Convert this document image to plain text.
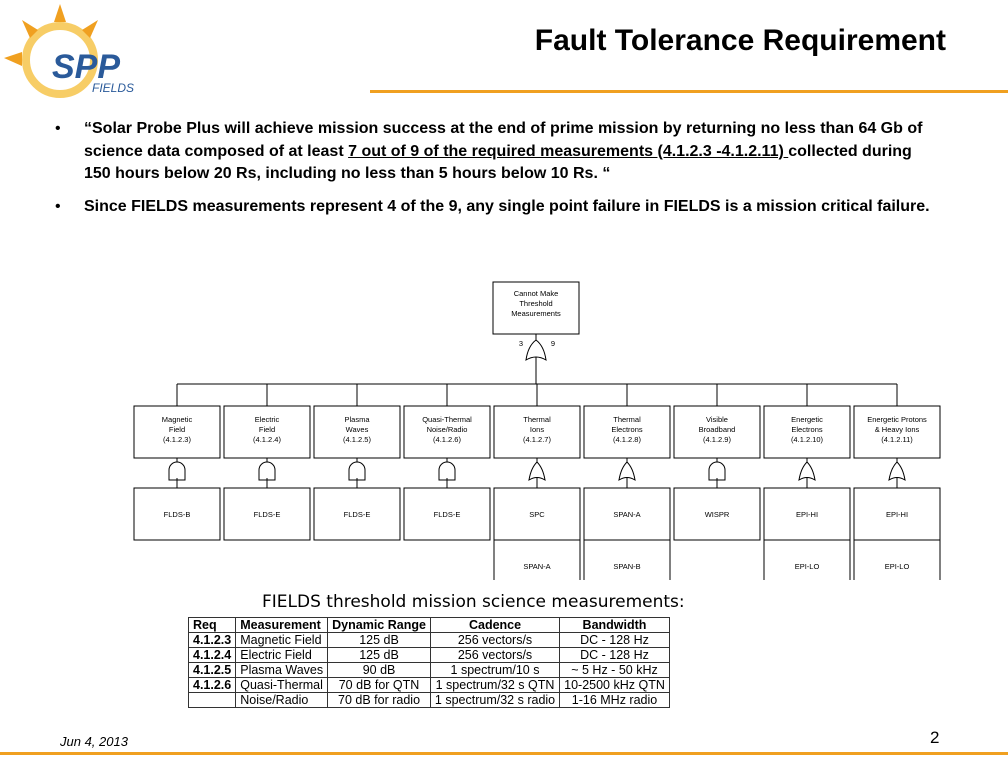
SPP
FIELDS
Fault Tolerance Requirement
• “Solar Probe Plus will achieve mission success at the end of prime mission by returning no less than 64 Gb of science data composed of at least 7 out of 9 of the required measurements (4.1.2.3 -4.1.2.11) collected during 150 hours below 20 Rs, including no less than 5 hours below 10 Rs. “
• Since FIELDS measurements represent 4 of the 9, any single point failure in FIELDS is a mission critical failure.
Cannot Make
Threshold
Measurements
3	9
Magnetic
Field
(4.1.2.3)
FLDS-B
Electric
Field
(4.1.2.4)
FLDS-E
Plasma
Waves
(4.1.2.5)
FLDS-E
Quasi-Thermal
Noise/Radio
(4.1.2.6)
FLDS-E
Thermal
Ions
(4.1.2.7)
SPC
SPAN-A
Thermal
Electrons
(4.1.2.8)
SPAN-A
SPAN-B
Visible
Broadband
(4.1.2.9)
WISPR
Energetic
Electrons
(4.1.2.10)
EPI-HI
EPI-LO
Energetic Protons
& Heavy Ions
(4.1.2.11)
EPI-HI
EPI-LO
FIELDS threshold mission science measurements:
Req	Measurement	Dynamic Range	Cadence	Bandwidth
4.1.2.3	Magnetic Field	125 dB	256 vectors/s	DC - 128 Hz
4.1.2.4	Electric Field	125 dB	256 vectors/s	DC - 128 Hz
4.1.2.5	Plasma Waves	90 dB	1 spectrum/10 s	~ 5 Hz - 50 kHz
4.1.2.6	Quasi-Thermal	70 dB for QTN	1 spectrum/32 s QTN	10-2500 kHz QTN
	Noise/Radio	70 dB for radio	1 spectrum/32 s radio	1-16 MHz radio
Jun 4, 2013	2
